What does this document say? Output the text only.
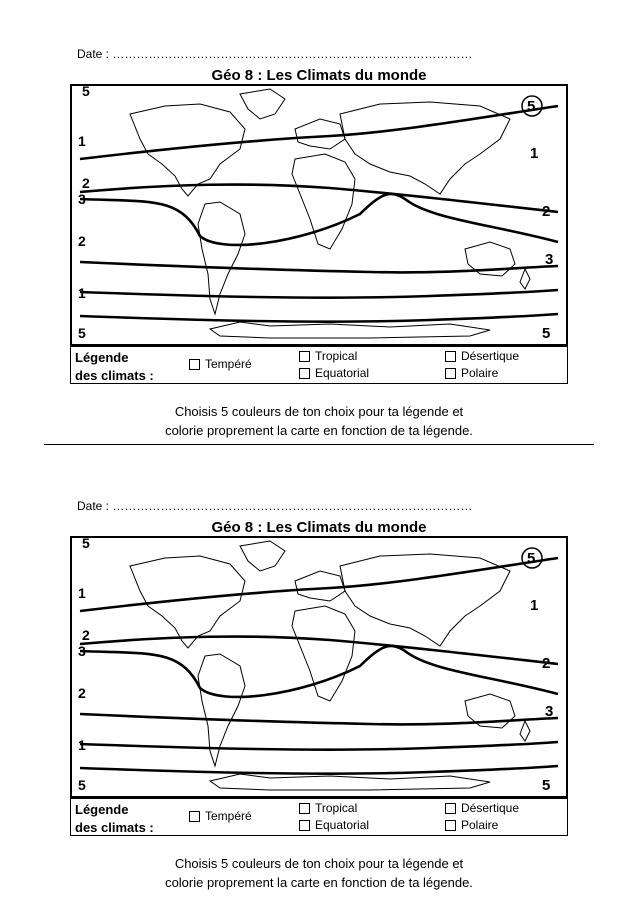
Date : ………………………………………………………………………………
Géo 8 : Les Climats du monde
5
1
2
3
2
1
5
5
1
2
3
5
Légende
des climats :
Tempéré
Tropical
Equatorial
Désertique
Polaire
Choisis 5 couleurs de ton choix pour ta légende et
colorie proprement la carte en fonction de ta légende.
Date : ………………………………………………………………………………
Géo 8 : Les Climats du monde
5
1
2
3
2
1
5
5
1
2
3
5
Légende
des climats :
Tempéré
Tropical
Equatorial
Désertique
Polaire
Choisis 5 couleurs de ton choix pour ta légende et
colorie proprement la carte en fonction de ta légende.
